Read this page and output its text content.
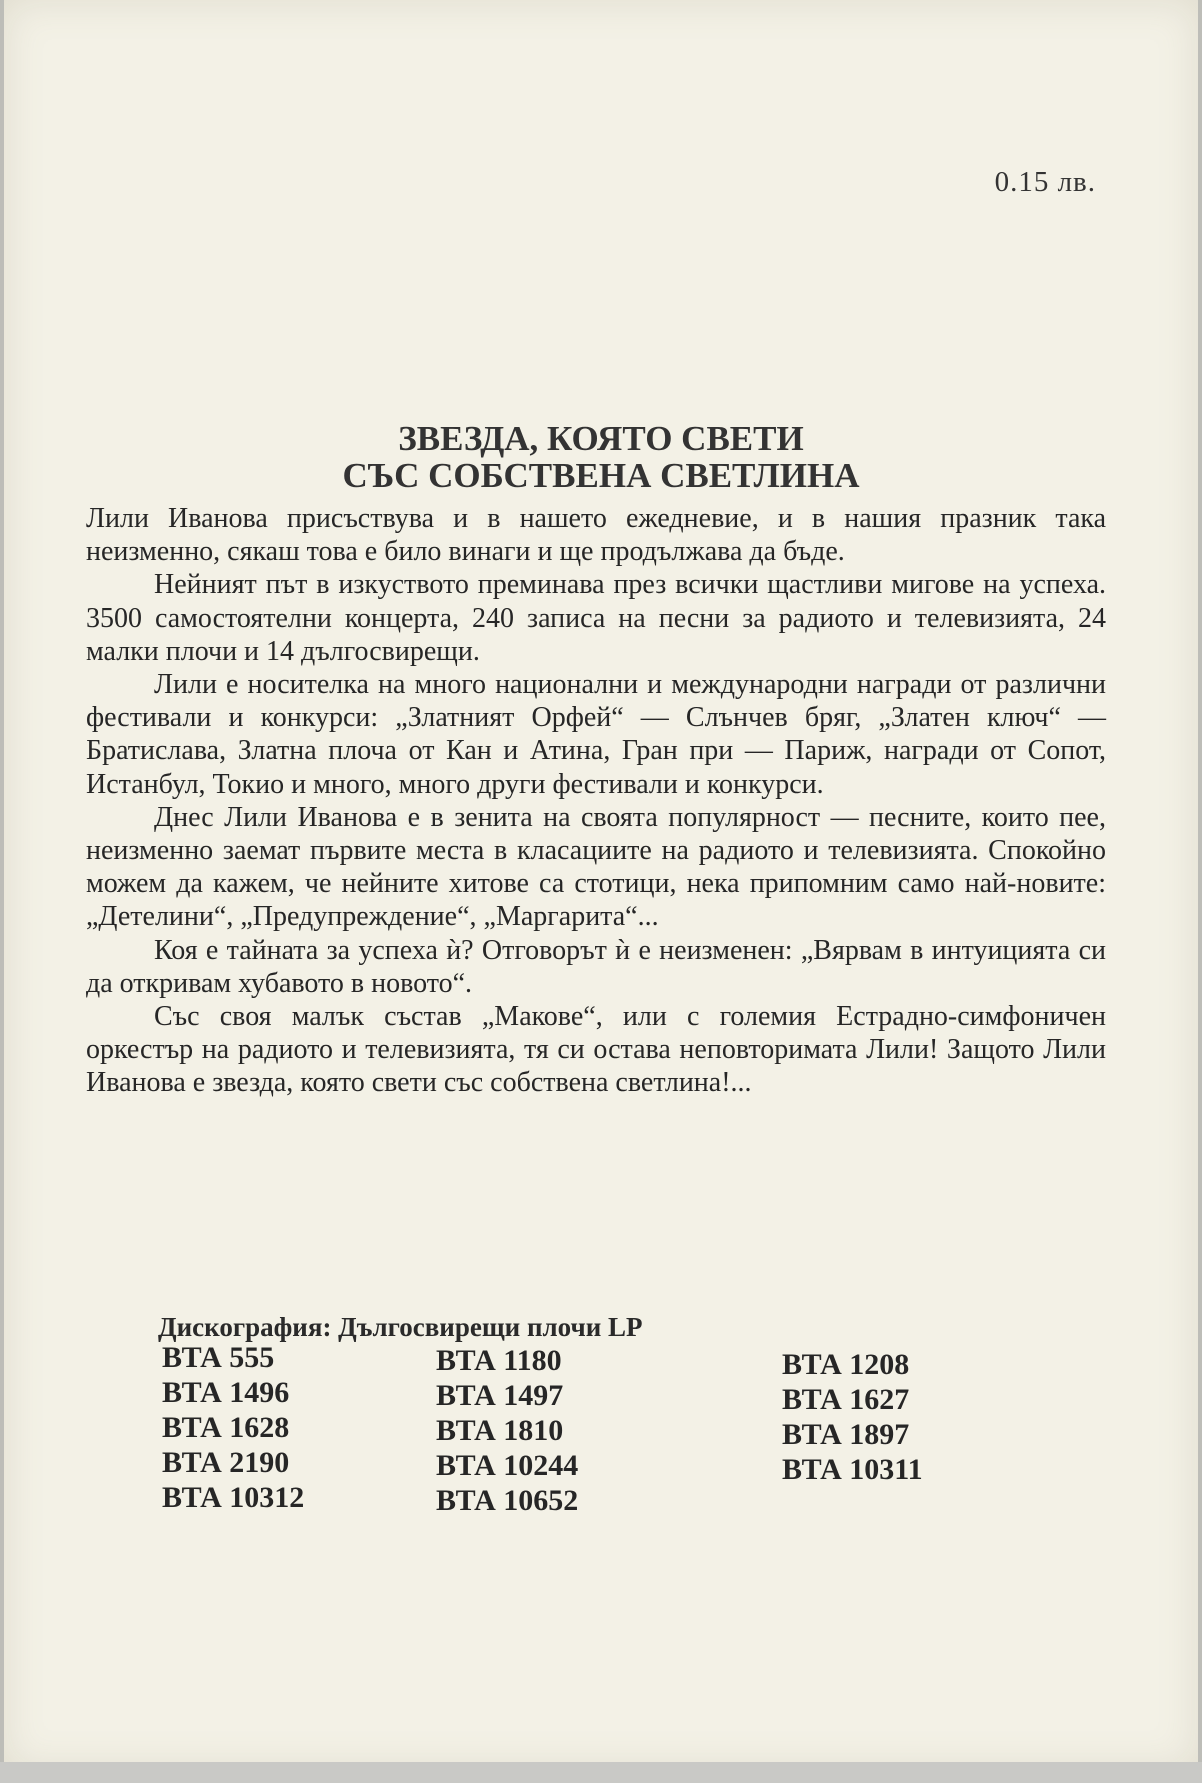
0.15 лв.
ЗВЕЗДА, КОЯТО СВЕТИ
СЪС СОБСТВЕНА СВЕТЛИНА

Лили Иванова присъствува и в нашето ежедневие, и в нашия празник така неизменно, сякаш това е било винаги и ще продължава да бъде.

Нейният път в изкуството преминава през всички щастливи мигове на успеха. 3500 самостоятелни концерта, 240 записа на песни за радиото и телевизията, 24 малки плочи и 14 дългосвирещи.

Лили е носителка на много национални и международни награди от различни фестивали и конкурси: „Златният Орфей“ — Слънчев бряг, „Златен ключ“ — Братислава, Златна плоча от Кан и Атина, Гран при — Париж, награди от Сопот, Истанбул, Токио и много, много други фестивали и конкурси.

Днес Лили Иванова е в зенита на своята популярност — песните, които пее, неизменно заемат първите места в класациите на радиото и телевизията. Спокойно можем да кажем, че нейните хитове са стотици, нека припомним само най-новите: „Детелини“, „Предупреждение“, „Маргарита“...

Коя е тайната за успеха ѝ? Отговорът ѝ е неизменен: „Вярвам в интуицията си да откривам хубавото в новото“.

Със своя малък състав „Макове“, или с големия Естрадно-симфоничен оркестър на радиото и телевизията, тя си остава неповторимата Лили! Защото Лили Иванова е звезда, която свети със собствена светлина!...

Дискография: Дългосвирещи плочи LP
ВТА 555
ВТА 1496
ВТА 1628
ВТА 2190
ВТА 10312
ВТА 1180
ВТА 1497
ВТА 1810
ВТА 10244
ВТА 10652
ВТА 1208
ВТА 1627
ВТА 1897
ВТА 10311
